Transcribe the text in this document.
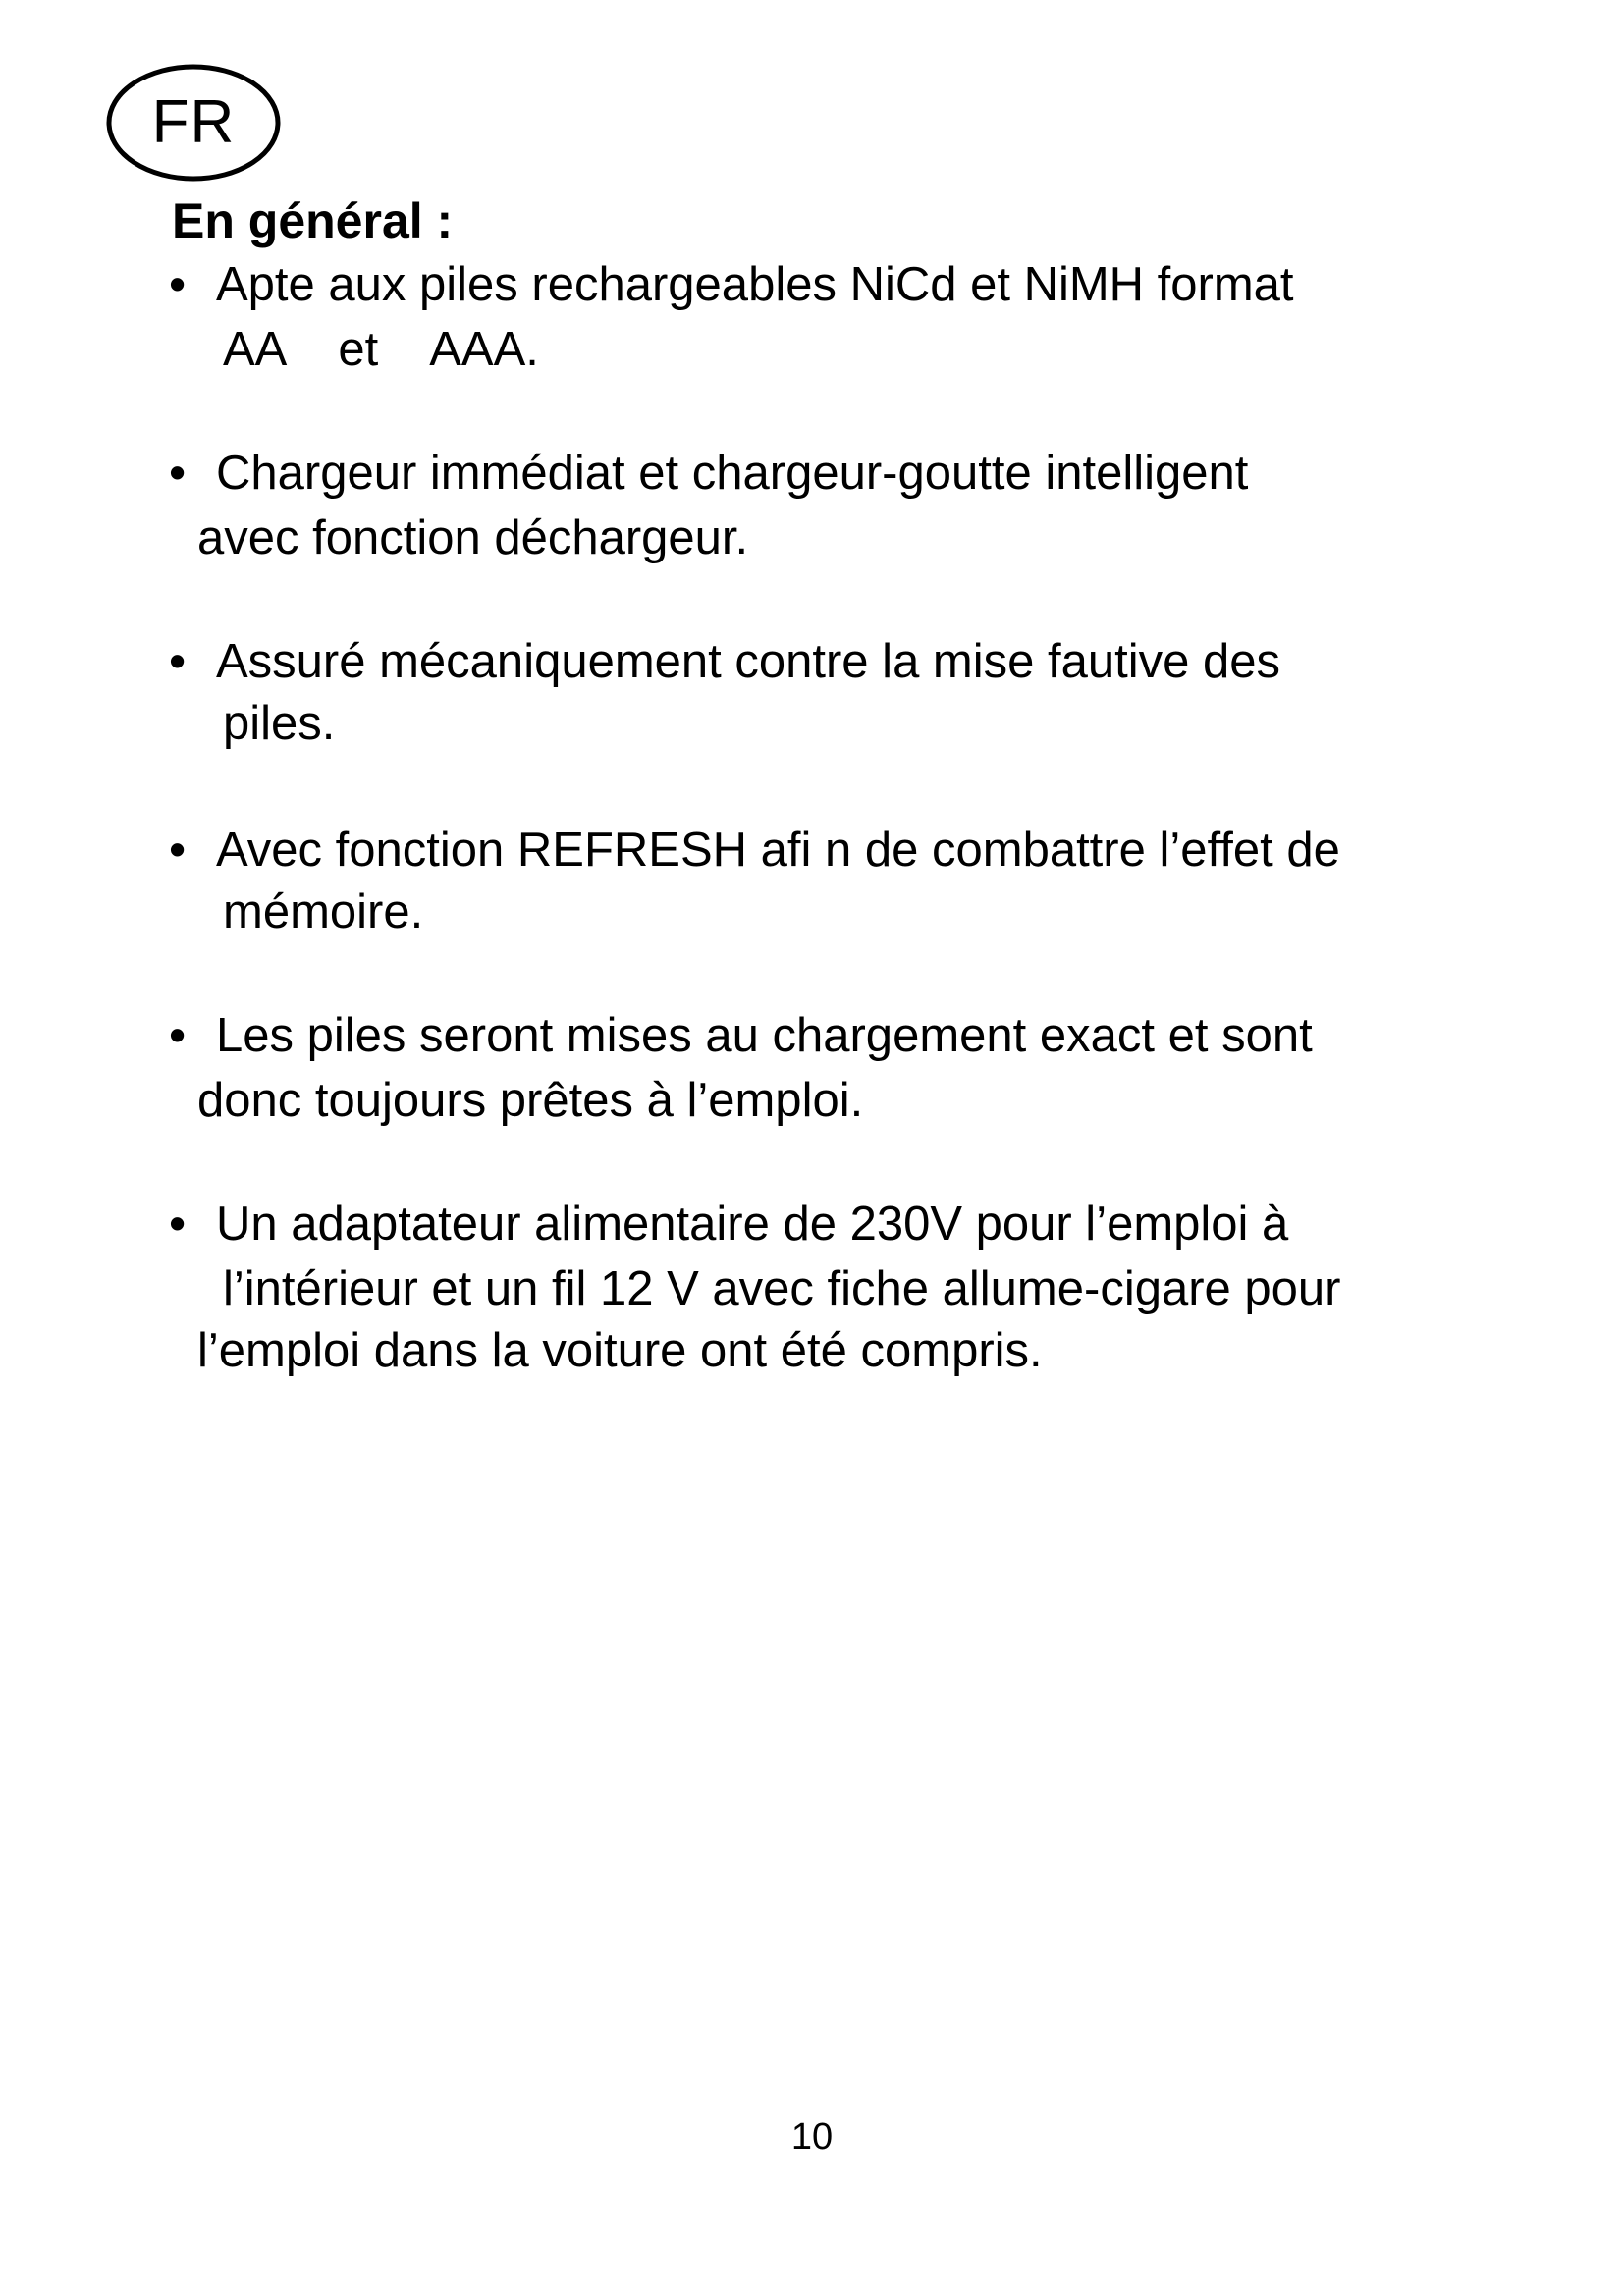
FR
En général :
• Apte aux piles rechargeables NiCd et NiMH format
AA et AAA.
• Chargeur immédiat et chargeur-goutte intelligent
avec fonction déchargeur.
• Assuré mécaniquement contre la mise fautive des
piles.
• Avec fonction REFRESH afi n de combattre l’effet de
mémoire.
• Les piles seront mises au chargement exact et sont
donc toujours prêtes à l’emploi.
• Un adaptateur alimentaire de 230V pour l’emploi à
l’intérieur et un fil 12 V avec fiche allume-cigare pour
l’emploi dans la voiture ont été compris.
10
